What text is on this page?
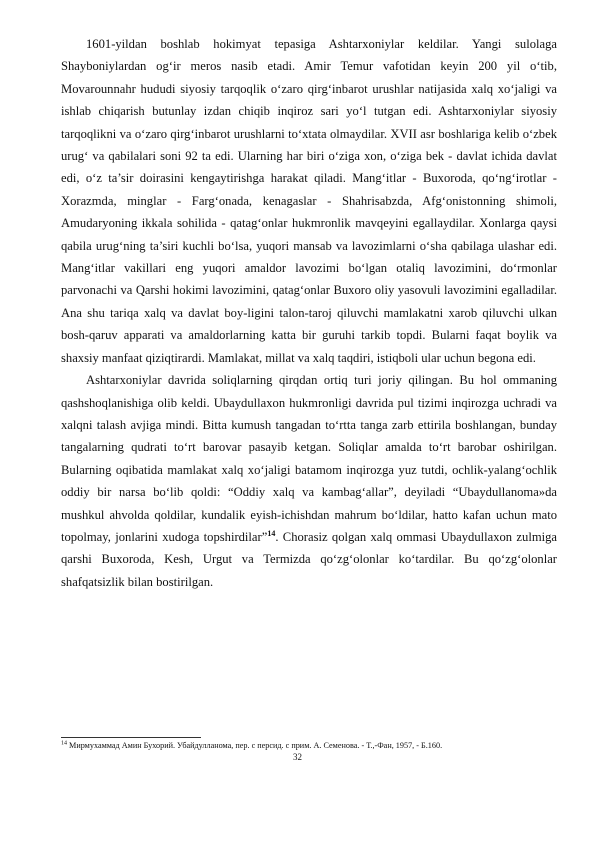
1601-yildan boshlab hokimyat tepasiga Ashtarxoniylar keldilar. Yangi sulolaga Shayboniylardan og‘ir meros nasib etadi. Amir Temur vafotidan keyin 200 yil o‘tib, Movarounnahr hududi siyosiy tarqoqlik o‘zaro qirg‘inbarot urushlar natijasida xalq xo‘jaligi va ishlab chiqarish butunlay izdan chiqib inqiroz sari yo‘l tutgan edi. Ashtarxoniylar siyosiy tarqoqlikni va o‘zaro qirg‘inbarot urushlarni to‘xtata olmaydilar. XVII asr boshlariga kelib o‘zbek urug‘ va qabilalari soni 92 ta edi. Ularning har biri o‘ziga xon, o‘ziga bek - davlat ichida davlat edi, o‘z ta’sir doirasini kengaytirishga harakat qiladi. Mang‘itlar - Buxoroda, qo‘ng‘irotlar - Xorazmda, minglar - Farg‘onada, kenagaslar - Shahrisabzda, Afg‘onistonning shimoli, Amudaryoning ikkala sohilida - qatag‘onlar hukmronlik mavqeyini egallaydilar. Xonlarga qaysi qabila urug‘ning ta’siri kuchli bo‘lsa, yuqori mansab va lavozimlarni o‘sha qabilaga ulashar edi. Mang‘itlar vakillari eng yuqori amaldor lavozimi bo‘lgan otaliq lavozimini, do‘rmonlar parvonachi va Qarshi hokimi lavozimini, qatag‘onlar Buxoro oliy yasovuli lavozimini egalladilar. Ana shu tariqa xalq va davlat boy-ligini talon-taroj qiluvchi mamlakatni xarob qiluvchi ulkan bosh-qaruv apparati va amaldorlarning katta bir guruhi tarkib topdi. Bularni faqat boylik va shaxsiy manfaat qiziqtirardi. Mamlakat, millat va xalq taqdiri, istiqboli ular uchun begona edi.

Ashtarxoniylar davrida soliqlarning qirqdan ortiq turi joriy qilingan. Bu hol ommaning qashshoqlanishiga olib keldi. Ubaydullaxon hukmronligi davrida pul tizimi inqirozga uchradi va xalqni talash avjiga mindi. Bitta kumush tangadan to‘rtta tanga zarb ettirila boshlangan, bunday tangalarning qudrati to‘rt barovar pasayib ketgan. Soliqlar amalda to‘rt barobar oshirilgan. Bularning oqibatida mamlakat xalq xo‘jaligi batamom inqirozga yuz tutdi, ochlik-yalang‘ochlik oddiy bir narsa bo‘lib qoldi: “Oddiy xalq va kambag‘allar”, deyiladi “Ubaydullanoma»da mushkul ahvolda qoldilar, kundalik eyish-ichishdan mahrum bo‘ldilar, hatto kafan uchun mato topolmay, jonlarini xudoga topshirdilar”$^{14}$. Chorasiz qolgan xalq ommasi Ubaydullaxon zulmiga qarshi Buxoroda, Kesh, Urgut va Termizda qo‘zg‘olonlar ko‘tardilar. Bu qo‘zg‘olonlar shafqatsizlik bilan bostirilgan.

$^{14}$ Мирмухаммад Амин Бухорий. Убайдулланома, пер. с персид. с прим. А. Семенова. - Т.,-Фан, 1957, - Б.160.
32
